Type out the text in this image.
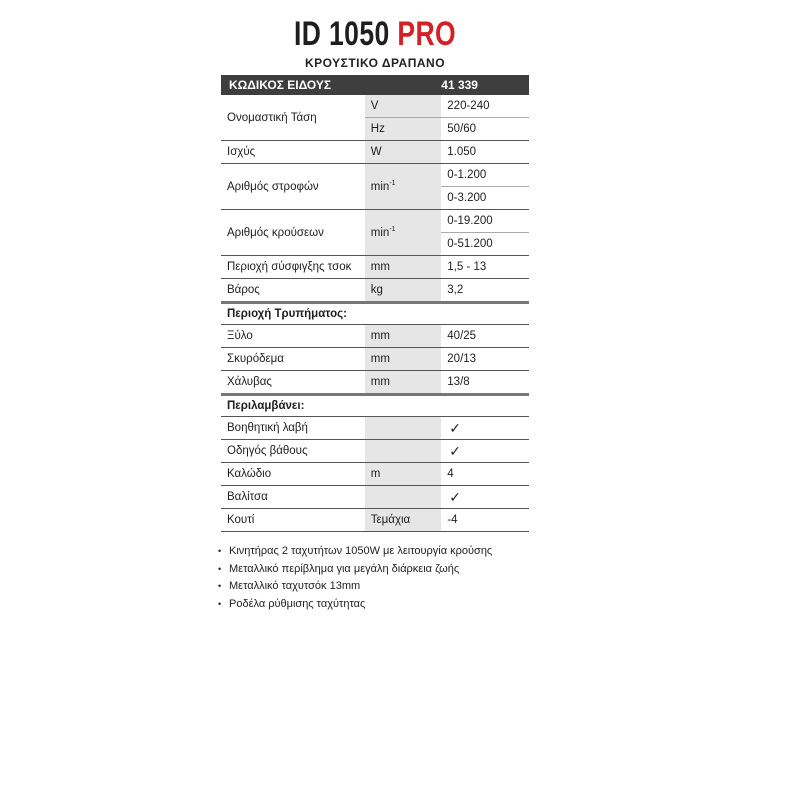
ID 1050 PRO
ΚΡΟΥΣΤΙΚΟ ΔΡΑΠΑΝΟ
ΚΩΔΙΚΟΣ ΕΙΔΟΥΣ		41 339
Ονομαστική Τάση	V	220-240
	Hz	50/60
Ισχύς	W	1.050
Αριθμός στροφών	$\min^{-1}$	0-1.200
		0-3.200
Αριθμός κρούσεων	$\min^{-1}$	0-19.200
		0-51.200
Περιοχή σύσφιγξης τσοκ	mm	1,5 - 13
Βάρος	kg	3,2
Περιοχή Τρυπήματος:		
Ξύλο	mm	40/25
Σκυρόδεμα	mm	20/13
Χάλυβας	mm	13/8
Περιλαμβάνει:		
Βοηθητική λαβή		✓
Οδηγός βάθους		✓
Καλώδιο	m	4
Βαλίτσα		✓
Κουτί	Τεμάχια	-4
• Κινητήρας 2 ταχυτήτων 1050W με λειτουργία κρούσης
• Μεταλλικό περίβλημα για μεγάλη διάρκεια ζωής
• Μεταλλικό ταχυτσόκ 13mm
• Ροδέλα ρύθμισης ταχύτητας
